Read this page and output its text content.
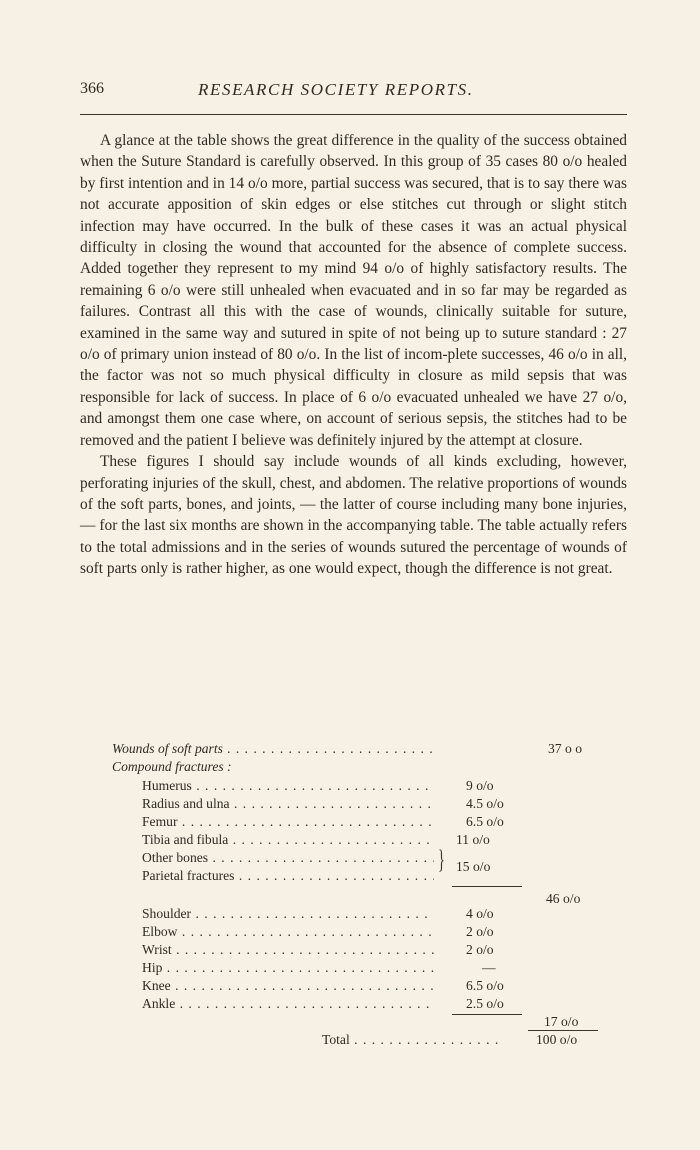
366	RESEARCH SOCIETY REPORTS.

A glance at the table shows the great difference in the quality of the success obtained when the Suture Standard is carefully observed. In this group of 35 cases 80 o/o healed by first intention and in 14 o/o more, partial success was secured, that is to say there was not accurate apposition of skin edges or else stitches cut through or slight stitch infection may have occurred. In the bulk of these cases it was an actual physical difficulty in closing the wound that accounted for the absence of complete success. Added together they represent to my mind 94 o/o of highly satisfactory results. The remaining 6 o/o were still unhealed when evacuated and in so far may be regarded as failures. Contrast all this with the case of wounds, clinically suitable for suture, examined in the same way and sutured in spite of not being up to suture standard : 27 o/o of primary union instead of 80 o/o. In the list of incom-plete successes, 46 o/o in all, the factor was not so much physical difficulty in closure as mild sepsis that was responsible for lack of success. In place of 6 o/o evacuated unhealed we have 27 o/o, and amongst them one case where, on account of serious sepsis, the stitches had to be removed and the patient I believe was definitely injured by the attempt at closure.

These figures I should say include wounds of all kinds excluding, however, perforating injuries of the skull, chest, and abdomen. The relative proportions of wounds of the soft parts, bones, and joints, — the latter of course including many bone injuries, — for the last six months are shown in the accompanying table. The table actually refers to the total admissions and in the series of wounds sutured the percentage of wounds of soft parts only is rather higher, as one would expect, though the difference is not great.

Wounds of soft parts . . .	37 o o
Compound fractures :
Humerus . . .	9 o/o
Radius and ulna . . .	4.5 o/o
Femur . . .	6.5 o/o
Tibia and fibula . . .	11 o/o
Other bones . . .
Parietal fractures . . .
} 15 o/o
46 o/o
Shoulder . . .	4 o/o
Elbow . . .	2 o/o
Wrist . . .	2 o/o
Hip . . .	—
Knee . . .	6.5 o/o
Ankle . . .	2.5 o/o
17 o/o
Total . . .	100 o/o
